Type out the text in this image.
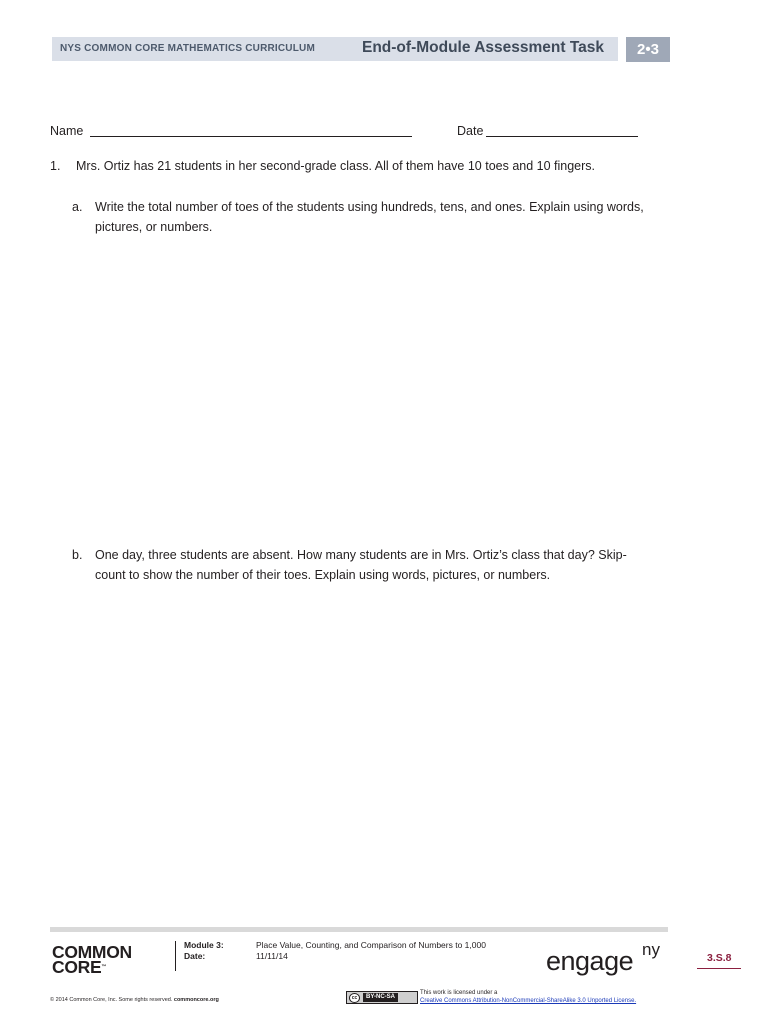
NYS COMMON CORE MATHEMATICS CURRICULUM	End-of-Module Assessment Task	2•3
Name	Date
1. Mrs. Ortiz has 21 students in her second-grade class. All of them have 10 toes and 10 fingers.
a. Write the total number of toes of the students using hundreds, tens, and ones. Explain using words,
pictures, or numbers.
b. One day, three students are absent. How many students are in Mrs. Ortiz’s class that day? Skip-
count to show the number of their toes. Explain using words, pictures, or numbers.
COMMON
CORE™
Module 3:	Place Value, Counting, and Comparison of Numbers to 1,000
Date:	11/11/14	engage ny	3.S.8
© 2014 Common Core, Inc. Some rights reserved. commoncore.org	cc	BY-NC-SA
This work is licensed under a
Creative Commons Attribution-NonCommercial-ShareAlike 3.0 Unported License.
